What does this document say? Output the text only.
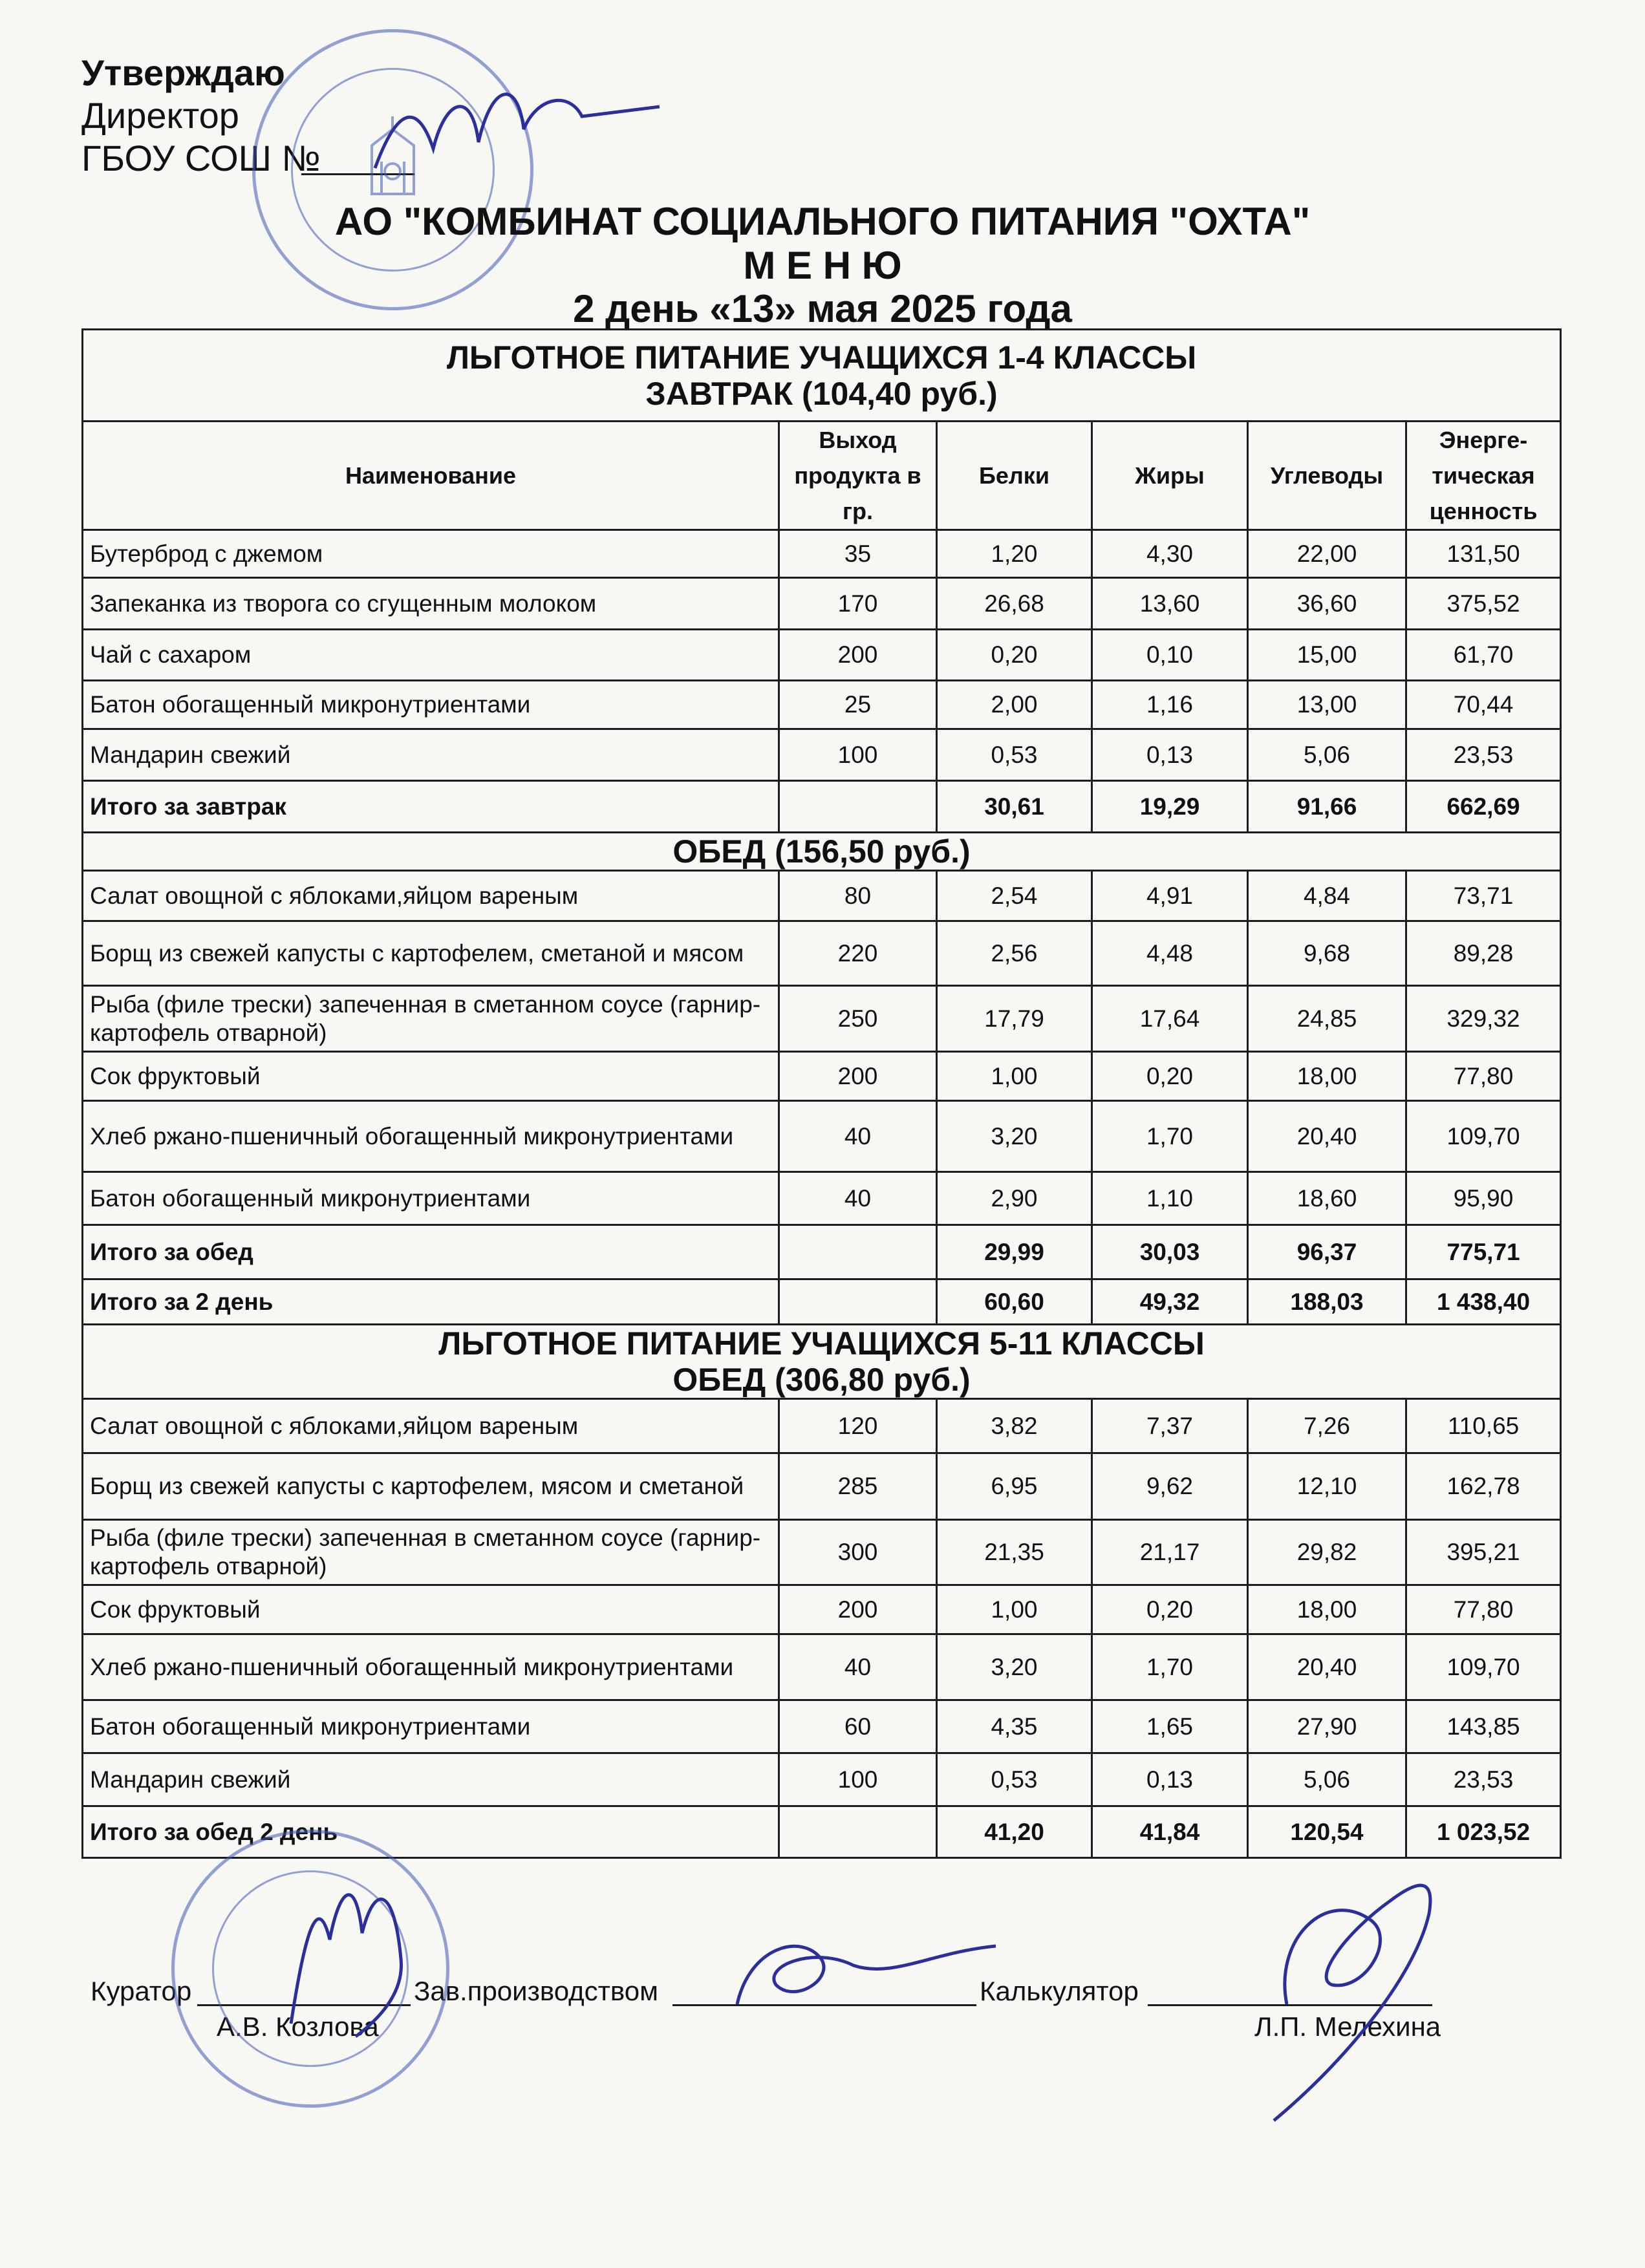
Утверждаю
Директор
ГБОУ СОШ №
АО "КОМБИНАТ СОЦИАЛЬНОГО ПИТАНИЯ "ОХТА"
М Е Н Ю
2 день «13» мая 2025 года
ЛЬГОТНОЕ ПИТАНИЕ УЧАЩИХСЯ 1-4 КЛАССЫ
ЗАВТРАК (104,40 руб.)					

Наименование	Выход продукта в гр.	Белки	Жиры	Углеводы	Энерге-тическая ценность
Бутерброд с джемом	35	1,20	4,30	22,00	131,50
Запеканка из творога со сгущенным молоком	170	26,68	13,60	36,60	375,52
Чай с сахаром	200	0,20	0,10	15,00	61,70
Батон обогащенный микронутриентами	25	2,00	1,16	13,00	70,44
Мандарин свежий	100	0,53	0,13	5,06	23,53
Итого за завтрак		30,61	19,29	91,66	662,69
ОБЕД (156,50 руб.)					
Салат овощной с яблоками,яйцом вареным	80	2,54	4,91	4,84	73,71
Борщ из свежей капусты с картофелем, сметаной и мясом	220	2,56	4,48	9,68	89,28
Рыба (филе трески) запеченная в сметанном соусе (гарнир-картофель отварной)	250	17,79	17,64	24,85	329,32
Сок фруктовый	200	1,00	0,20	18,00	77,80
Хлеб ржано-пшеничный обогащенный микронутриентами	40	3,20	1,70	20,40	109,70
Батон обогащенный микронутриентами	40	2,90	1,10	18,60	95,90
Итого за обед		29,99	30,03	96,37	775,71
Итого за 2 день		60,60	49,32	188,03	1 438,40

ЛЬГОТНОЕ ПИТАНИЕ УЧАЩИХСЯ 5-11 КЛАССЫ
ОБЕД (306,80 руб.)					

Салат овощной с яблоками,яйцом вареным	120	3,82	7,37	7,26	110,65
Борщ из свежей капусты с картофелем, мясом и сметаной	285	6,95	9,62	12,10	162,78
Рыба (филе трески) запеченная в сметанном соусе (гарнир-картофель отварной)	300	21,35	21,17	29,82	395,21
Сок фруктовый	200	1,00	0,20	18,00	77,80
Хлеб ржано-пшеничный обогащенный микронутриентами	40	3,20	1,70	20,40	109,70
Батон обогащенный микронутриентами	60	4,35	1,65	27,90	143,85
Мандарин свежий	100	0,53	0,13	5,06	23,53
Итого за обед 2 день		41,20	41,84	120,54	1 023,52
Куратор
А.В. Козлова
Зав.производством	Калькулятор
Л.П. Мелехина
